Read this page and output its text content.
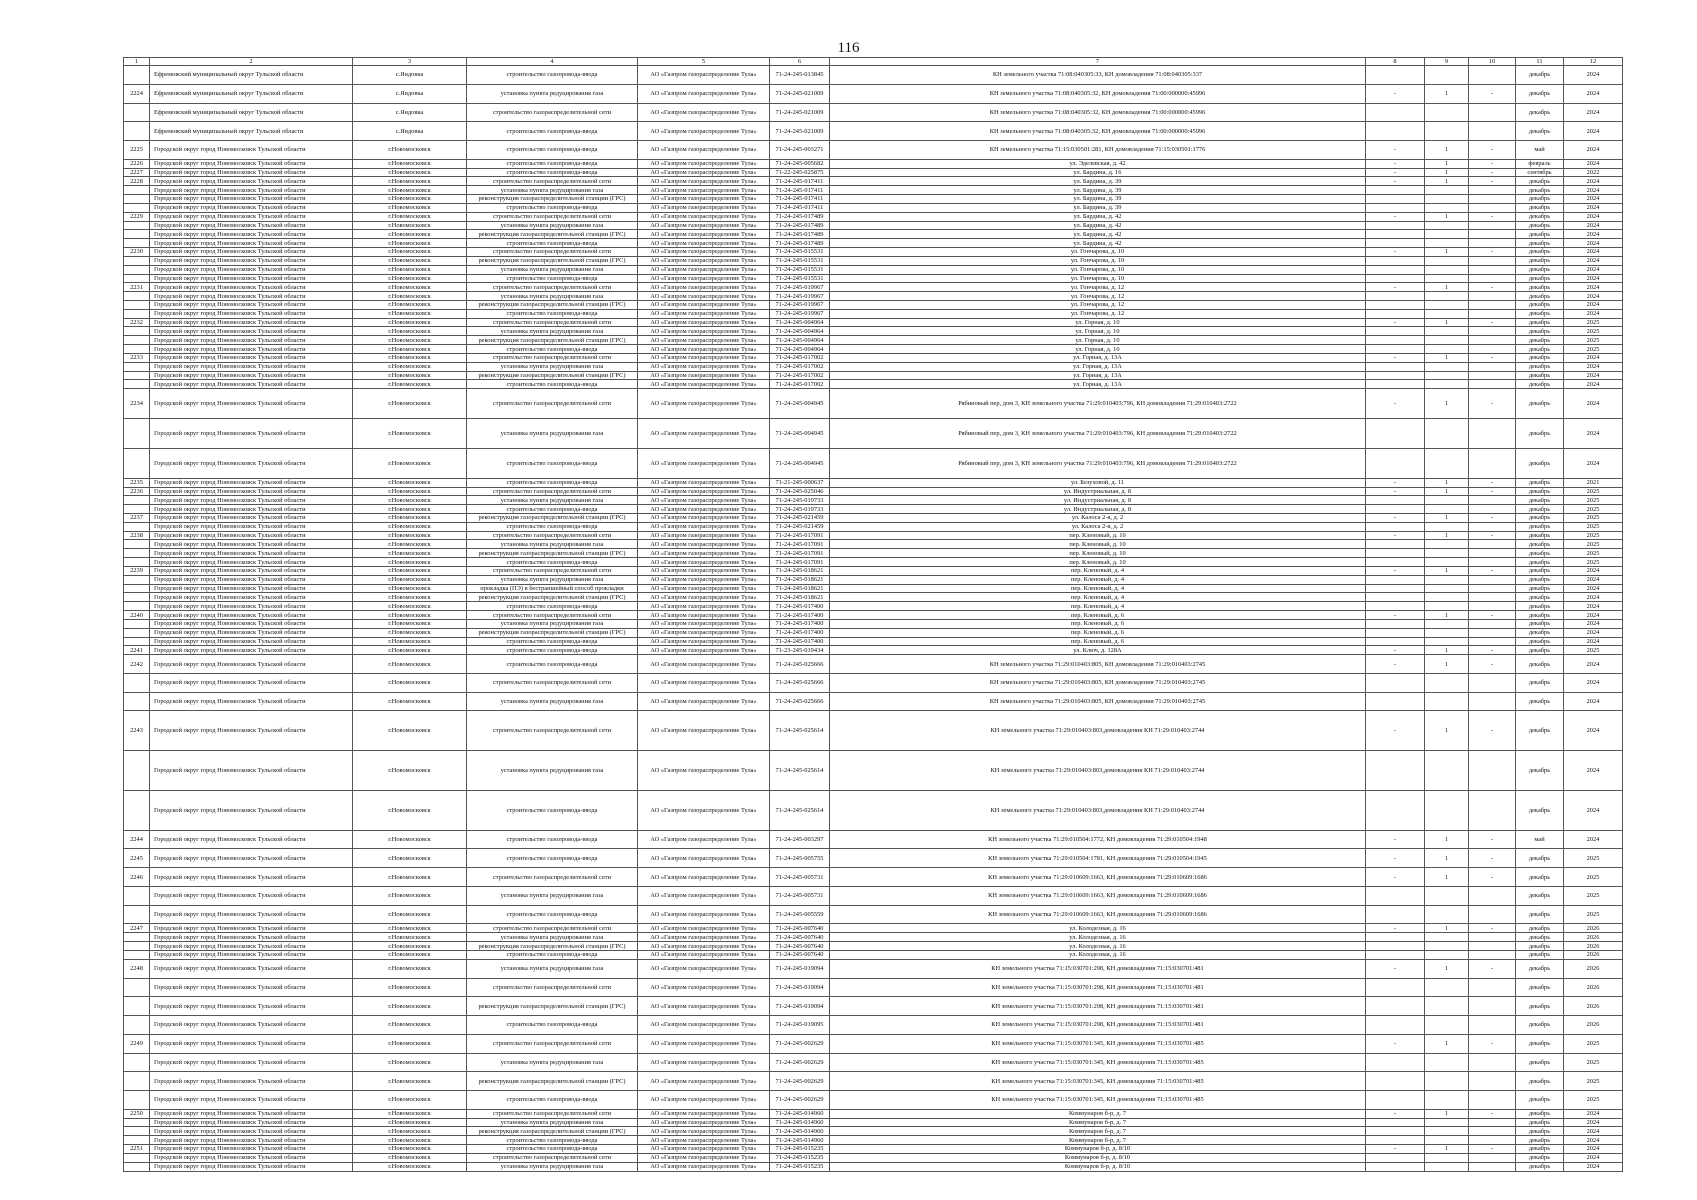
116
1	2	3	4	5	6	7	8	9	10	11	12
	Ефремовский муниципальный округ Тульской области	с.Яндовка	строительство газопровода-ввода	АО «Газпром газораспределение Тула»	71-24-245-013845	КН земельного участка 71:08:040305:33, КН домовладения 71:08:040305:337				декабрь	2024
2224	Ефремовский муниципальный округ Тульской области	с.Яндовка	установка пункта редуцирования газа	АО «Газпром газораспределение Тула»	71-24-245-021009	КН земельного участка 71:08:040305:32, КН домовладения 71:00:000000:45996	-	1	-	декабрь	2024
	Ефремовский муниципальный округ Тульской области	с.Яндовка	строительство газораспределительной сети	АО «Газпром газораспределение Тула»	71-24-245-021009	КН земельного участка 71:08:040305:32, КН домовладения 71:00:000000:45996				декабрь	2024
	Ефремовский муниципальный округ Тульской области	с.Яндовка	строительство газопровода-ввода	АО «Газпром газораспределение Тула»	71-24-245-021009	КН земельного участка 71:08:040305:32, КН домовладения 71:00:000000:45996				декабрь	2024
2225	Городской округ город Новомосковск Тульской области	г.Новомосковск	строительство газопровода-ввода	АО «Газпром газораспределение Тула»	71-24-245-003271	КН земельного участка 71:15:030501:281, КН домовладения 71:15:030501:1776	-	1	-	май	2024
2226	Городской округ город Новомосковск Тульской области	г.Новомосковск	строительство газопровода-ввода	АО «Газпром газораспределение Тула»	71-24-245-005682	ул. Эделевская, д. 42	-	1	-	февраль	2024
2227	Городской округ город Новомосковск Тульской области	г.Новомосковск	строительство газопровода-ввода	АО «Газпром газораспределение Тула»	71-22-245-025875	ул. Бардина, д. 16	-	1	-	сентябрь	2022
2228	Городской округ город Новомосковск Тульской области	г.Новомосковск	строительство газораспределительной сети	АО «Газпром газораспределение Тула»	71-24-245-017411	ул. Бардина, д. 39	-	1	-	декабрь	2024
	Городской округ город Новомосковск Тульской области	г.Новомосковск	установка пункта редуцирования газа	АО «Газпром газораспределение Тула»	71-24-245-017411	ул. Бардина, д. 39				декабрь	2024
	Городской округ город Новомосковск Тульской области	г.Новомосковск	реконструкция газораспределительной станции (ГРС)	АО «Газпром газораспределение Тула»	71-24-245-017411	ул. Бардина, д. 39				декабрь	2024
	Городской округ город Новомосковск Тульской области	г.Новомосковск	строительство газопровода-ввода	АО «Газпром газораспределение Тула»	71-24-245-017411	ул. Бардина, д. 39				декабрь	2024
2229	Городской округ город Новомосковск Тульской области	г.Новомосковск	строительство газораспределительной сети	АО «Газпром газораспределение Тула»	71-24-245-017489	ул. Бардина, д. 42	-	1	-	декабрь	2024
	Городской округ город Новомосковск Тульской области	г.Новомосковск	установка пункта редуцирования газа	АО «Газпром газораспределение Тула»	71-24-245-017489	ул. Бардина, д. 42				декабрь	2024
	Городской округ город Новомосковск Тульской области	г.Новомосковск	реконструкция газораспределительной станции (ГРС)	АО «Газпром газораспределение Тула»	71-24-245-017489	ул. Бардина, д. 42				декабрь	2024
	Городской округ город Новомосковск Тульской области	г.Новомосковск	строительство газопровода-ввода	АО «Газпром газораспределение Тула»	71-24-245-017489	ул. Бардина, д. 42				декабрь	2024
2230	Городской округ город Новомосковск Тульской области	г.Новомосковск	строительство газораспределительной сети	АО «Газпром газораспределение Тула»	71-24-245-015531	ул. Гончарова, д. 10	-	1	-	декабрь	2024
	Городской округ город Новомосковск Тульской области	г.Новомосковск	реконструкция газораспределительной станции (ГРС)	АО «Газпром газораспределение Тула»	71-24-245-015531	ул. Гончарова, д. 10				декабрь	2024
	Городской округ город Новомосковск Тульской области	г.Новомосковск	установка пункта редуцирования газа	АО «Газпром газораспределение Тула»	71-24-245-015531	ул. Гончарова, д. 10				декабрь	2024
	Городской округ город Новомосковск Тульской области	г.Новомосковск	строительство газопровода-ввода	АО «Газпром газораспределение Тула»	71-24-245-015531	ул. Гончарова, д. 10				декабрь	2024
2231	Городской округ город Новомосковск Тульской области	г.Новомосковск	строительство газораспределительной сети	АО «Газпром газораспределение Тула»	71-24-245-019967	ул. Гончарова, д. 12	-	1	-	декабрь	2024
	Городской округ город Новомосковск Тульской области	г.Новомосковск	установка пункта редуцирования газа	АО «Газпром газораспределение Тула»	71-24-245-019967	ул. Гончарова, д. 12				декабрь	2024
	Городской округ город Новомосковск Тульской области	г.Новомосковск	реконструкция газораспределительной станции (ГРС)	АО «Газпром газораспределение Тула»	71-24-245-019967	ул. Гончарова, д. 12				декабрь	2024
	Городской округ город Новомосковск Тульской области	г.Новомосковск	строительство газопровода-ввода	АО «Газпром газораспределение Тула»	71-24-245-019967	ул. Гончарова, д. 12				декабрь	2024
2232	Городской округ город Новомосковск Тульской области	г.Новомосковск	строительство газораспределительной сети	АО «Газпром газораспределение Тула»	71-24-245-004964	ул. Горная, д. 10	-	1	-	декабрь	2025
	Городской округ город Новомосковск Тульской области	г.Новомосковск	установка пункта редуцирования газа	АО «Газпром газораспределение Тула»	71-24-245-004964	ул. Горная, д. 10				декабрь	2025
	Городской округ город Новомосковск Тульской области	г.Новомосковск	реконструкция газораспределительной станции (ГРС)	АО «Газпром газораспределение Тула»	71-24-245-004964	ул. Горная, д. 10				декабрь	2025
	Городской округ город Новомосковск Тульской области	г.Новомосковск	строительство газопровода-ввода	АО «Газпром газораспределение Тула»	71-24-245-004964	ул. Горная, д. 10				декабрь	2025
2233	Городской округ город Новомосковск Тульской области	г.Новомосковск	строительство газораспределительной сети	АО «Газпром газораспределение Тула»	71-24-245-017002	ул. Горная, д. 13А	-	1	-	декабрь	2024
	Городской округ город Новомосковск Тульской области	г.Новомосковск	установка пункта редуцирования газа	АО «Газпром газораспределение Тула»	71-24-245-017002	ул. Горная, д. 13А				декабрь	2024
	Городской округ город Новомосковск Тульской области	г.Новомосковск	реконструкция газораспределительной станции (ГРС)	АО «Газпром газораспределение Тула»	71-24-245-017002	ул. Горная, д. 13А				декабрь	2024
	Городской округ город Новомосковск Тульской области	г.Новомосковск	строительство газопровода-ввода	АО «Газпром газораспределение Тула»	71-24-245-017002	ул. Горная, д. 13А				декабрь	2024
2234	Городской округ город Новомосковск Тульской области	г.Новомосковск	строительство газораспределительной сети	АО «Газпром газораспределение Тула»	71-24-245-004945	Рябиновый пер, дом 3, КН земельного участка 71:29:010403:796, КН домовладения 71:29:010403:2722	-	1	-	декабрь	2024
	Городской округ город Новомосковск Тульской области	г.Новомосковск	установка пункта редуцирования газа	АО «Газпром газораспределение Тула»	71-24-245-004945	Рябиновый пер, дом 3, КН земельного участка 71:29:010403:796, КН домовладения 71:29:010403:2722				декабрь	2024
	Городской округ город Новомосковск Тульской области	г.Новомосковск	строительство газопровода-ввода	АО «Газпром газораспределение Тула»	71-24-245-004945	Рябиновый пер, дом 3, КН земельного участка 71:29:010403:796, КН домовладения 71:29:010403:2722				декабрь	2024
2235	Городской округ город Новомосковск Тульской области	г.Новомосковск	строительство газопровода-ввода	АО «Газпром газораспределение Тула»	71-21-245-000637	ул. Безуховой, д. 11	-	1	-	декабрь	2021
2236	Городской округ город Новомосковск Тульской области	г.Новомосковск	строительство газораспределительной сети	АО «Газпром газораспределение Тула»	71-24-245-025046	ул. Индустриальная, д. 8	-	1	-	декабрь	2025
	Городской округ город Новомосковск Тульской области	г.Новомосковск	установка пункта редуцирования газа	АО «Газпром газораспределение Тула»	71-24-245-019733	ул. Индустриальная, д. 8				декабрь	2025
	Городской округ город Новомосковск Тульской области	г.Новомосковск	строительство газопровода-ввода	АО «Газпром газораспределение Тула»	71-24-245-019733	ул. Индустриальная, д. 8				декабрь	2025
2237	Городской округ город Новомосковск Тульской области	г.Новомосковск	реконструкция газораспределительной станции (ГРС)	АО «Газпром газораспределение Тула»	71-24-245-021459	ул. Калоса 2-я, д. 2	-	1	-	декабрь	2025
	Городской округ город Новомосковск Тульской области	г.Новомосковск	строительство газопровода-ввода	АО «Газпром газораспределение Тула»	71-24-245-021459	ул. Калоса 2-я, д. 2				декабрь	2025
2238	Городской округ город Новомосковск Тульской области	г.Новомосковск	строительство газораспределительной сети	АО «Газпром газораспределение Тула»	71-24-245-017091	пер. Кленовый, д. 10	-	1	-	декабрь	2025
	Городской округ город Новомосковск Тульской области	г.Новомосковск	установка пункта редуцирования газа	АО «Газпром газораспределение Тула»	71-24-245-017091	пер. Кленовый, д. 10				декабрь	2025
	Городской округ город Новомосковск Тульской области	г.Новомосковск	реконструкция газораспределительной станции (ГРС)	АО «Газпром газораспределение Тула»	71-24-245-017091	пер. Кленовый, д. 10				декабрь	2025
	Городской округ город Новомосковск Тульской области	г.Новомосковск	строительство газопровода-ввода	АО «Газпром газораспределение Тула»	71-24-245-017091	пер. Кленовый, д. 10				декабрь	2025
2239	Городской округ город Новомосковск Тульской области	г.Новомосковск	строительство газораспределительной сети	АО «Газпром газораспределение Тула»	71-24-245-018621	пер. Кленовый, д. 4	-	1	-	декабрь	2024
	Городской округ город Новомосковск Тульской области	г.Новомосковск	установка пункта редуцирования газа	АО «Газпром газораспределение Тула»	71-24-245-018621	пер. Кленовый, д. 4				декабрь	2024
	Городской округ город Новомосковск Тульской области	г.Новомосковск	прокладка (ПЭ) в бестраншейный способ прокладки	АО «Газпром газораспределение Тула»	71-24-245-018621	пер. Кленовый, д. 4				декабрь	2024
	Городской округ город Новомосковск Тульской области	г.Новомосковск	реконструкция газораспределительной станции (ГРС)	АО «Газпром газораспределение Тула»	71-24-245-018621	пер. Кленовый, д. 4				декабрь	2024
	Городской округ город Новомосковск Тульской области	г.Новомосковск	строительство газопровода-ввода	АО «Газпром газораспределение Тула»	71-24-245-017400	пер. Кленовый, д. 4				декабрь	2024
2240	Городской округ город Новомосковск Тульской области	г.Новомосковск	строительство газораспределительной сети	АО «Газпром газораспределение Тула»	71-24-245-017400	пер. Кленовый, д. 6	-	1	-	декабрь	2024
	Городской округ город Новомосковск Тульской области	г.Новомосковск	установка пункта редуцирования газа	АО «Газпром газораспределение Тула»	71-24-245-017400	пер. Кленовый, д. 6				декабрь	2024
	Городской округ город Новомосковск Тульской области	г.Новомосковск	реконструкция газораспределительной станции (ГРС)	АО «Газпром газораспределение Тула»	71-24-245-017400	пер. Кленовый, д. 6				декабрь	2024
	Городской округ город Новомосковск Тульской области	г.Новомосковск	строительство газопровода-ввода	АО «Газпром газораспределение Тула»	71-24-245-017400	пер. Кленовый, д. 6				декабрь	2024
2241	Городской округ город Новомосковск Тульской области	г.Новомосковск	строительство газопровода-ввода	АО «Газпром газораспределение Тула»	71-23-245-019434	ул. Ключ, д. 128А	-	1	-	декабрь	2025
2242	Городской округ город Новомосковск Тульской области	г.Новомосковск	строительство газопровода-ввода	АО «Газпром газораспределение Тула»	71-24-245-025666	КН земельного участка 71:29:010403:805, КН домовладения 71:29:010403:2745	-	1	-	декабрь	2024
	Городской округ город Новомосковск Тульской области	г.Новомосковск	строительство газораспределительной сети	АО «Газпром газораспределение Тула»	71-24-245-025666	КН земельного участка 71:29:010403:805, КН домовладения 71:29:010403:2745				декабрь	2024
	Городской округ город Новомосковск Тульской области	г.Новомосковск	установка пункта редуцирования газа	АО «Газпром газораспределение Тула»	71-24-245-025666	КН земельного участка 71:29:010403:805, КН домовладения 71:29:010403:2745				декабрь	2024
2243	Городской округ город Новомосковск Тульской области	г.Новомосковск	строительство газораспределительной сети	АО «Газпром газораспределение Тула»	71-24-245-025614	КН земельного участка 71:29:010403:803,домовладения КН 71:29:010403:2744	-	1	-	декабрь	2024
	Городской округ город Новомосковск Тульской области	г.Новомосковск	установка пункта редуцирования газа	АО «Газпром газораспределение Тула»	71-24-245-025614	КН земельного участка 71:29:010403:803,домовладения КН 71:29:010403:2744				декабрь	2024
	Городской округ город Новомосковск Тульской области	г.Новомосковск	строительство газопровода-ввода	АО «Газпром газораспределение Тула»	71-24-245-025614	КН земельного участка 71:29:010403:803,домовладения КН 71:29:010403:2744				декабрь	2024
2244	Городской округ город Новомосковск Тульской области	г.Новомосковск	строительство газопровода-ввода	АО «Газпром газораспределение Тула»	71-24-245-003297	КН земельного участка 71:29:010504:1772, КН домовладения 71:29:010504:1948	-	1	-	май	2024
2245	Городской округ город Новомосковск Тульской области	г.Новомосковск	строительство газопровода-ввода	АО «Газпром газораспределение Тула»	71-24-245-005755	КН земельного участка 71:29:010504:1781, КН домовладения 71:29:010504:1945	-	1	-	декабрь	2025
2246	Городской округ город Новомосковск Тульской области	г.Новомосковск	строительство газораспределительной сети	АО «Газпром газораспределение Тула»	71-24-245-005731	КН земельного участка 71:29:010609:1663, КН домовладения 71:29:010609:1686	-	1	-	декабрь	2025
	Городской округ город Новомосковск Тульской области	г.Новомосковск	установка пункта редуцирования газа	АО «Газпром газораспределение Тула»	71-24-245-005731	КН земельного участка 71:29:010609:1663, КН домовладения 71:29:010609:1686				декабрь	2025
	Городской округ город Новомосковск Тульской области	г.Новомосковск	строительство газопровода-ввода	АО «Газпром газораспределение Тула»	71-24-245-005559	КН земельного участка 71:29:010609:1663, КН домовладения 71:29:010609:1686				декабрь	2025
2247	Городской округ город Новомосковск Тульской области	г.Новомосковск	строительство газораспределительной сети	АО «Газпром газораспределение Тула»	71-24-245-007640	ул. Колодезная, д. 16	-	1	-	декабрь	2026
	Городской округ город Новомосковск Тульской области	г.Новомосковск	установка пункта редуцирования газа	АО «Газпром газораспределение Тула»	71-24-245-007640	ул. Колодезная, д. 16				декабрь	2026
	Городской округ город Новомосковск Тульской области	г.Новомосковск	реконструкция газораспределительной станции (ГРС)	АО «Газпром газораспределение Тула»	71-24-245-007640	ул. Колодезная, д. 16				декабрь	2026
	Городской округ город Новомосковск Тульской области	г.Новомосковск	строительство газопровода-ввода	АО «Газпром газораспределение Тула»	71-24-245-007640	ул. Колодезная, д. 16				декабрь	2026
2248	Городской округ город Новомосковск Тульской области	г.Новомосковск	установка пункта редуцирования газа	АО «Газпром газораспределение Тула»	71-24-245-019094	КН земельного участка 71:15:030701:298, КН домовладения 71:15:030701:481	-	1	-	декабрь	2026
	Городской округ город Новомосковск Тульской области	г.Новомосковск	строительство газораспределительной сети	АО «Газпром газораспределение Тула»	71-24-245-019094	КН земельного участка 71:15:030701:298, КН домовладения 71:15:030701:481				декабрь	2026
	Городской округ город Новомосковск Тульской области	г.Новомосковск	реконструкция газораспределительной станции (ГРС)	АО «Газпром газораспределение Тула»	71-24-245-019094	КН земельного участка 71:15:030701:298, КН домовладения 71:15:030701:481				декабрь	2026
	Городской округ город Новомосковск Тульской области	г.Новомосковск	строительство газопровода-ввода	АО «Газпром газораспределение Тула»	71-24-245-019095	КН земельного участка 71:15:030701:298, КН домовладения 71:15:030701:481				декабрь	2026
2249	Городской округ город Новомосковск Тульской области	г.Новомосковск	строительство газораспределительной сети	АО «Газпром газораспределение Тула»	71-24-245-002629	КН земельного участка 71:15:030701:345, КН домовладения 71:15:030701:485	-	1	-	декабрь	2025
	Городской округ город Новомосковск Тульской области	г.Новомосковск	установка пункта редуцирования газа	АО «Газпром газораспределение Тула»	71-24-245-002629	КН земельного участка 71:15:030701:345, КН домовладения 71:15:030701:485				декабрь	2025
	Городской округ город Новомосковск Тульской области	г.Новомосковск	реконструкция газораспределительной станции (ГРС)	АО «Газпром газораспределение Тула»	71-24-245-002629	КН земельного участка 71:15:030701:345, КН домовладения 71:15:030701:485				декабрь	2025
	Городской округ город Новомосковск Тульской области	г.Новомосковск	строительство газопровода-ввода	АО «Газпром газораспределение Тула»	71-24-245-002629	КН земельного участка 71:15:030701:345, КН домовладения 71:15:030701:485				декабрь	2025
2250	Городской округ город Новомосковск Тульской области	г.Новомосковск	строительство газораспределительной сети	АО «Газпром газораспределение Тула»	71-24-245-014960	Коммунаров б-р, д. 7	-	1	-	декабрь	2024
	Городской округ город Новомосковск Тульской области	г.Новомосковск	установка пункта редуцирования газа	АО «Газпром газораспределение Тула»	71-24-245-014960	Коммунаров б-р, д. 7				декабрь	2024
	Городской округ город Новомосковск Тульской области	г.Новомосковск	реконструкция газораспределительной станции (ГРС)	АО «Газпром газораспределение Тула»	71-24-245-014960	Коммунаров б-р, д. 7				декабрь	2024
	Городской округ город Новомосковск Тульской области	г.Новомосковск	строительство газопровода-ввода	АО «Газпром газораспределение Тула»	71-24-245-014960	Коммунаров б-р, д. 7				декабрь	2024
2251	Городской округ город Новомосковск Тульской области	г.Новомосковск	строительство газопровода-ввода	АО «Газпром газораспределение Тула»	71-24-245-015235	Коммунаров б-р, д. 8/10	-	1	-	декабрь	2024
	Городской округ город Новомосковск Тульской области	г.Новомосковск	строительство газораспределительной сети	АО «Газпром газораспределение Тула»	71-24-245-015235	Коммунаров б-р, д. 8/10				декабрь	2024
	Городской округ город Новомосковск Тульской области	г.Новомосковск	установка пункта редуцирования газа	АО «Газпром газораспределение Тула»	71-24-245-015235	Коммунаров б-р, д. 8/10				декабрь	2024
